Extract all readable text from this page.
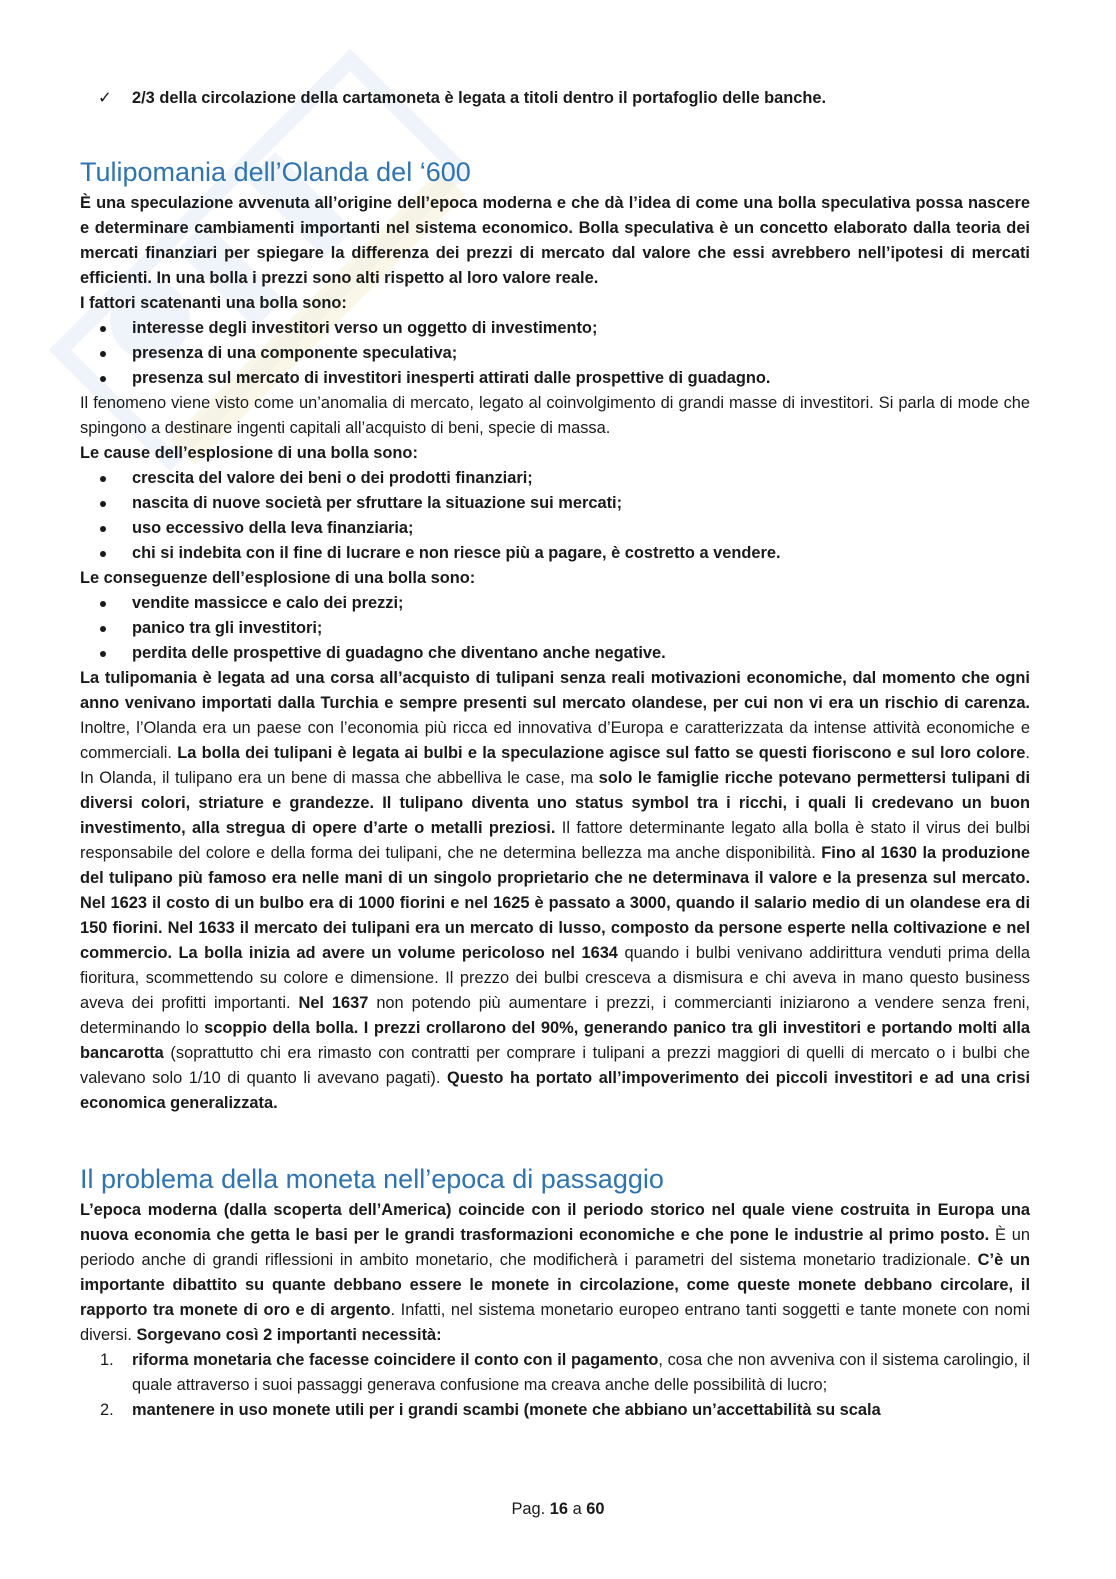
✓ 2/3 della circolazione della cartamoneta è legata a titoli dentro il portafoglio delle banche.

Tulipomania dell’Olanda del ‘600

È una speculazione avvenuta all’origine dell’epoca moderna e che dà l’idea di come una bolla speculativa possa nascere e determinare cambiamenti importanti nel sistema economico. Bolla speculativa è un concetto elaborato dalla teoria dei mercati finanziari per spiegare la differenza dei prezzi di mercato dal valore che essi avrebbero nell’ipotesi di mercati efficienti. In una bolla i prezzi sono alti rispetto al loro valore reale.

I fattori scatenanti una bolla sono:

interesse degli investitori verso un oggetto di investimento;
presenza di una componente speculativa;
presenza sul mercato di investitori inesperti attirati dalle prospettive di guadagno.

Il fenomeno viene visto come un’anomalia di mercato, legato al coinvolgimento di grandi masse di investitori. Si parla di mode che spingono a destinare ingenti capitali all’acquisto di beni, specie di massa.

Le cause dell’esplosione di una bolla sono:

crescita del valore dei beni o dei prodotti finanziari;
nascita di nuove società per sfruttare la situazione sui mercati;
uso eccessivo della leva finanziaria;
chi si indebita con il fine di lucrare e non riesce più a pagare, è costretto a vendere.

Le conseguenze dell’esplosione di una bolla sono:

vendite massicce e calo dei prezzi;
panico tra gli investitori;
perdita delle prospettive di guadagno che diventano anche negative.

La tulipomania è legata ad una corsa all’acquisto di tulipani senza reali motivazioni economiche, dal momento che ogni anno venivano importati dalla Turchia e sempre presenti sul mercato olandese, per cui non vi era un rischio di carenza. Inoltre, l’Olanda era un paese con l’economia più ricca ed innovativa d’Europa e caratterizzata da intense attività economiche e commerciali. La bolla dei tulipani è legata ai bulbi e la speculazione agisce sul fatto se questi fioriscono e sul loro colore. In Olanda, il tulipano era un bene di massa che abbelliva le case, ma solo le famiglie ricche potevano permettersi tulipani di diversi colori, striature e grandezze. Il tulipano diventa uno status symbol tra i ricchi, i quali li credevano un buon investimento, alla stregua di opere d’arte o metalli preziosi. Il fattore determinante legato alla bolla è stato il virus dei bulbi responsabile del colore e della forma dei tulipani, che ne determina bellezza ma anche disponibilità. Fino al 1630 la produzione del tulipano più famoso era nelle mani di un singolo proprietario che ne determinava il valore e la presenza sul mercato. Nel 1623 il costo di un bulbo era di 1000 fiorini e nel 1625 è passato a 3000, quando il salario medio di un olandese era di 150 fiorini. Nel 1633 il mercato dei tulipani era un mercato di lusso, composto da persone esperte nella coltivazione e nel commercio. La bolla inizia ad avere un volume pericoloso nel 1634 quando i bulbi venivano addirittura venduti prima della fioritura, scommettendo su colore e dimensione. Il prezzo dei bulbi cresceva a dismisura e chi aveva in mano questo business aveva dei profitti importanti. Nel 1637 non potendo più aumentare i prezzi, i commercianti iniziarono a vendere senza freni, determinando lo scoppio della bolla. I prezzi crollarono del 90%, generando panico tra gli investitori e portando molti alla bancarotta (soprattutto chi era rimasto con contratti per comprare i tulipani a prezzi maggiori di quelli di mercato o i bulbi che valevano solo 1/10 di quanto li avevano pagati). Questo ha portato all’impoverimento dei piccoli investitori e ad una crisi economica generalizzata.

Il problema della moneta nell’epoca di passaggio

L’epoca moderna (dalla scoperta dell’America) coincide con il periodo storico nel quale viene costruita in Europa una nuova economia che getta le basi per le grandi trasformazioni economiche e che pone le industrie al primo posto. È un periodo anche di grandi riflessioni in ambito monetario, che modificherà i parametri del sistema monetario tradizionale. C’è un importante dibattito su quante debbano essere le monete in circolazione, come queste monete debbano circolare, il rapporto tra monete di oro e di argento. Infatti, nel sistema monetario europeo entrano tanti soggetti e tante monete con nomi diversi. Sorgevano così 2 importanti necessità:

1. riforma monetaria che facesse coincidere il conto con il pagamento, cosa che non avveniva con il sistema carolingio, il quale attraverso i suoi passaggi generava confusione ma creava anche delle possibilità di lucro;
2. mantenere in uso monete utili per i grandi scambi (monete che abbiano un’accettabilità su scala
Pag. 16 a 60
